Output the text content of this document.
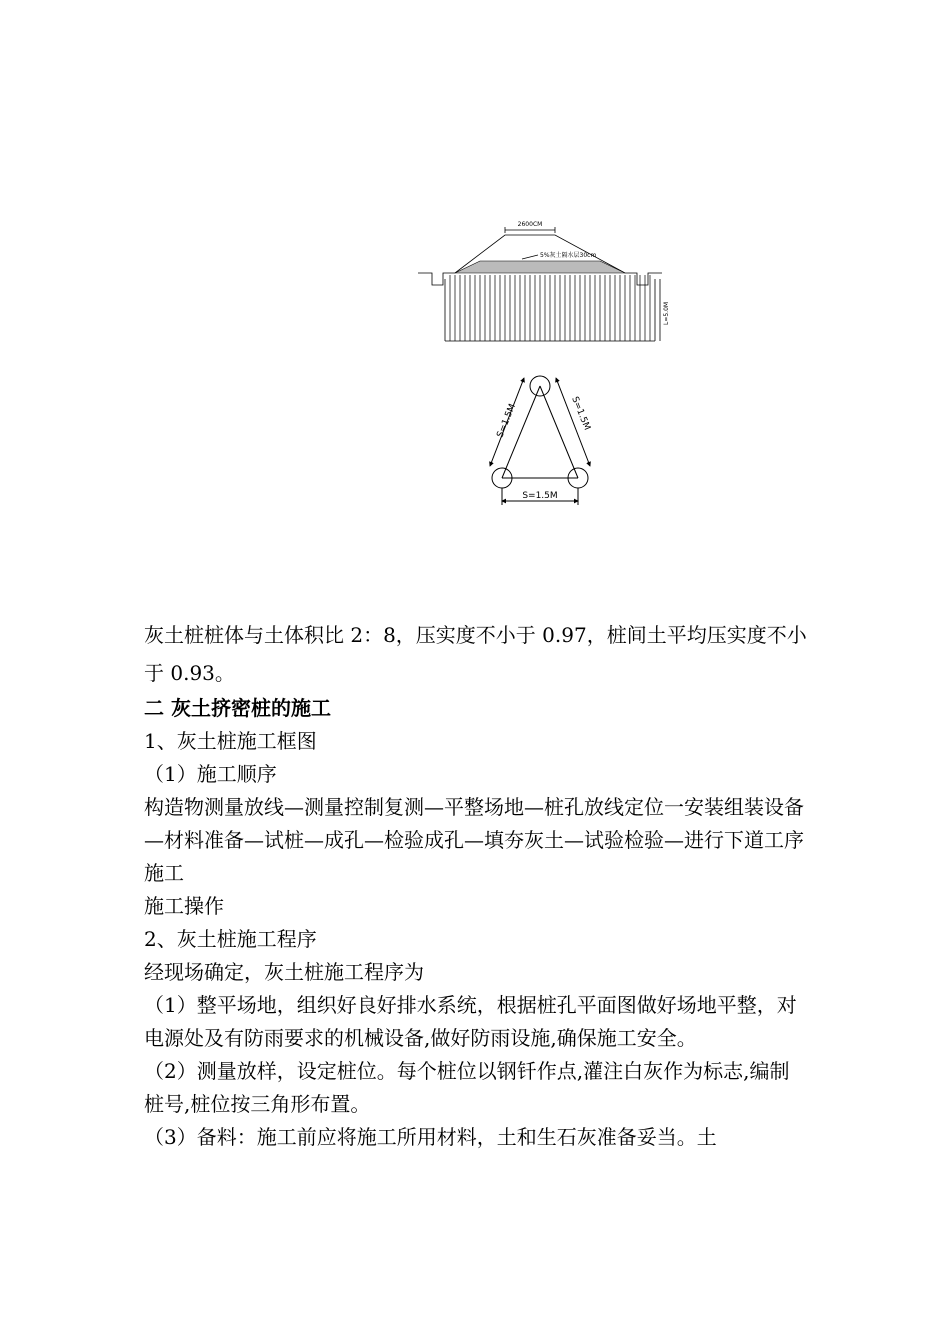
2600CM
5%灰土隔水层30cm
L=5.0M
S=1.5M	S=1.5M
S=1.5M

灰土桩桩体与土体积比 2：8，压实度不小于 0.97，桩间土平均压实度不小于 0.93。

二 灰土挤密桩的施工

1、灰土桩施工框图

（1）施工顺序

构造物测量放线—测量控制复测—平整场地—桩孔放线定位一安装组装设备—材料准备—试桩—成孔—检验成孔—填夯灰土—试验检验—进行下道工序施工

施工操作

2、灰土桩施工程序

经现场确定，灰土桩施工程序为

（1）整平场地，组织好良好排水系统，根据桩孔平面图做好场地平整，对电源处及有防雨要求的机械设备,做好防雨设施,确保施工安全。

（2）测量放样，设定桩位。每个桩位以钢钎作点,灌注白灰作为标志,编制桩号,桩位按三角形布置。

（3）备料：施工前应将施工所用材料，土和生石灰准备妥当。土
